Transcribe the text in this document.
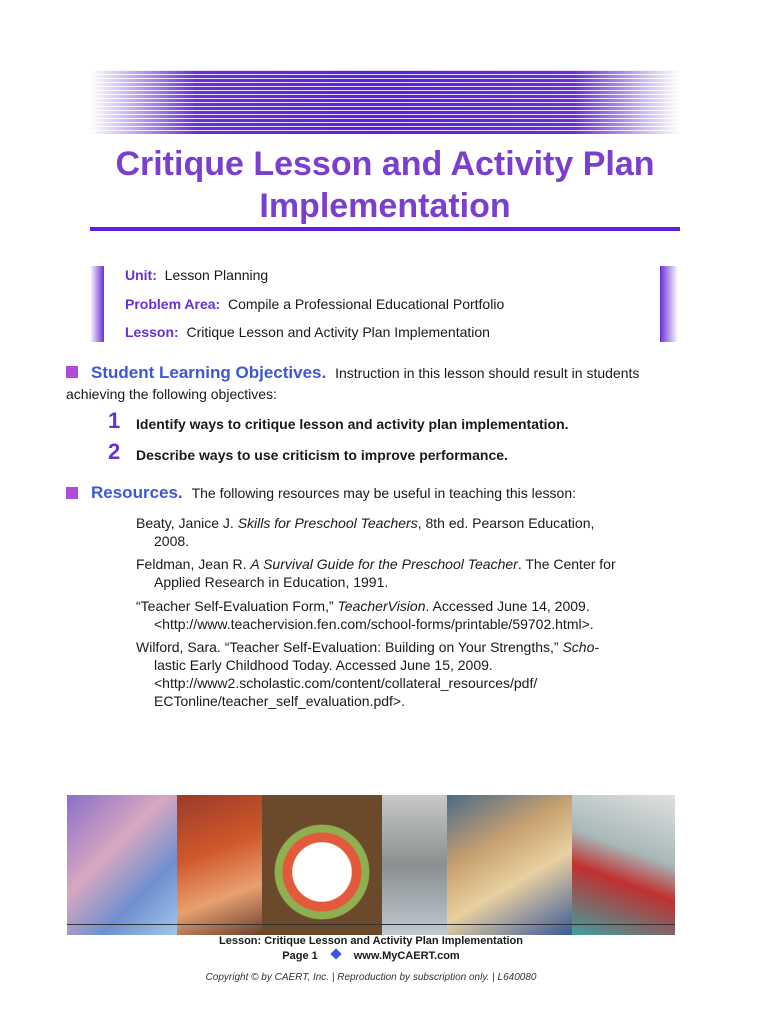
Critique Lesson and Activity Plan
Implementation
Unit: Lesson Planning
Problem Area: Compile a Professional Educational Portfolio
Lesson: Critique Lesson and Activity Plan Implementation
Student Learning Objectives. Instruction in this lesson should result in students
achieving the following objectives:
1 Identify ways to critique lesson and activity plan implementation.
2 Describe ways to use criticism to improve performance.
Resources. The following resources may be useful in teaching this lesson:
Beaty, Janice J. Skills for Preschool Teachers, 8th ed. Pearson Education,
2008.
Feldman, Jean R. A Survival Guide for the Preschool Teacher. The Center for
Applied Research in Education, 1991.
“Teacher Self-Evaluation Form,” TeacherVision. Accessed June 14, 2009.
<http://www.teachervision.fen.com/school-forms/printable/59702.html>.
Wilford, Sara. “Teacher Self-Evaluation: Building on Your Strengths,” Scho-
lastic Early Childhood Today. Accessed June 15, 2009.
<http://www2.scholastic.com/content/collateral_resources/pdf/
ECTonline/teacher_self_evaluation.pdf>.
Lesson: Critique Lesson and Activity Plan Implementation
Page 1	www.MyCAERT.com
Copyright © by CAERT, Inc. | Reproduction by subscription only. | L640080
